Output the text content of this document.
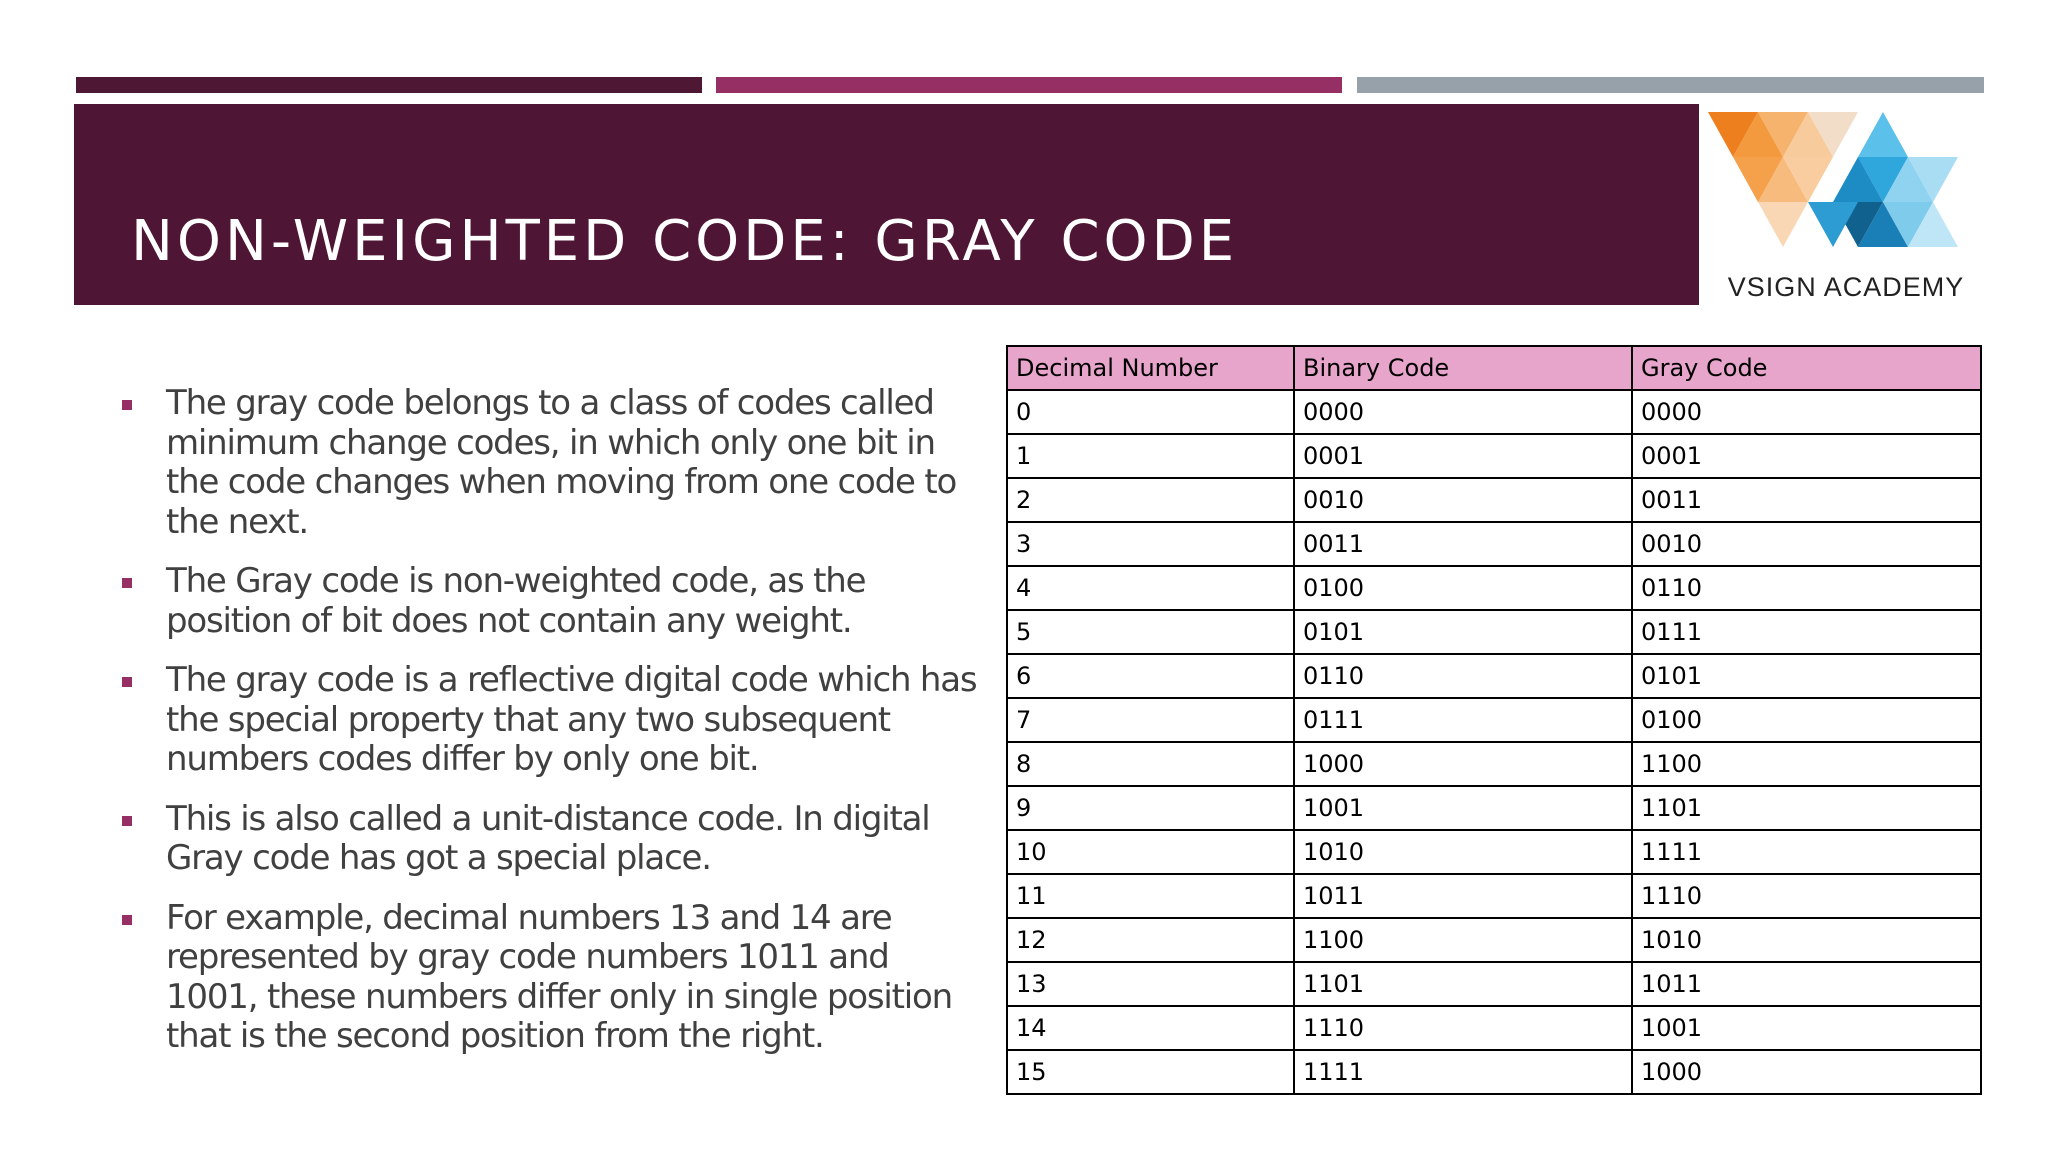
NON-WEIGHTED CODE: GRAY CODE
VSIGN ACADEMY
The gray code belongs to a class of codes called minimum change codes, in which only one bit in the code changes when moving from one code to the next.
The Gray code is non-weighted code, as the position of bit does not contain any weight.
The gray code is a reflective digital code which has the special property that any two subsequent numbers codes differ by only one bit.
This is also called a unit-distance code. In digital Gray code has got a special place.
For example, decimal numbers 13 and 14 are represented by gray code numbers 1011 and 1001, these numbers differ only in single position that is the second position from the right.
Decimal Number	Binary Code	Gray Code
0	0000	0000
1	0001	0001
2	0010	0011
3	0011	0010
4	0100	0110
5	0101	0111
6	0110	0101
7	0111	0100
8	1000	1100
9	1001	1101
10	1010	1111
11	1011	1110
12	1100	1010
13	1101	1011
14	1110	1001
15	1111	1000
